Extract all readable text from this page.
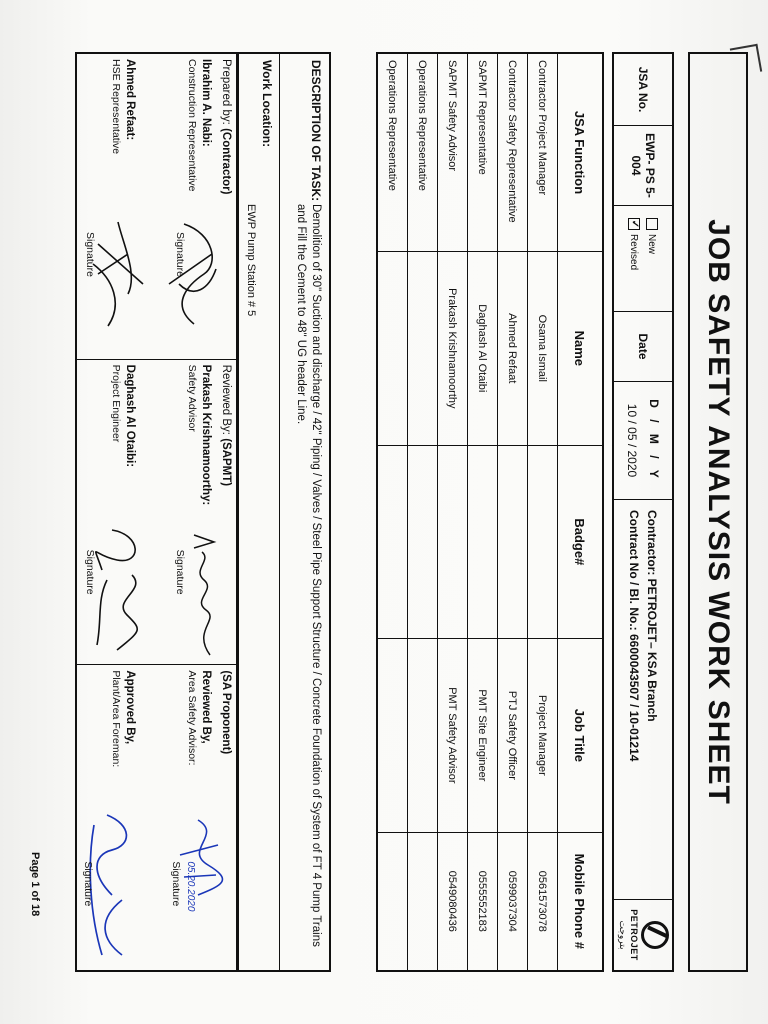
JOB SAFETY ANALYSIS WORK SHEET
JSA No.
EWP- PS 5-004
New
✓
Revised
Date
D / M / Y
10 / 05 / 2020
Contractor: PETROJET– KSA Branch
Contract No / Bl. No.: 6600043507 / 10-01214
PETROJET
بتروجت
JSA Function	Name	Badge#	Job Title	Mobile Phone #
Contractor Project Manager	Osama Ismail		Project Manager	0561573078
Contractor Safety Representative	Ahmed Refaat		PTJ Safety Officer	0599037304
SAPMT Representative	Daghash Al Otaibi		PMT Site Engineer	0555552183
SAPMT Safety Advisor	Prakash Krishnamoorthy		PMT Safety Advisor	0549080436
Operations Representative				
Operations Representative				
DESCRIPTION OF TASK:
Demolition of 30" Suction and discharge / 42" Piping / Valves / Steel Pipe Support Structure / Concrete Foundation of System of FT 4 Pump Trains and Fill the Cement to 48" UG header Line.
Work Location:
EWP Pump Station # 5
Prepared by: (Contractor)
Ibrahim A. Nabi:
Construction Representative
Signature
Ahmed Refaat:
HSE Representative
Signature
Reviewed By: (SAPMT)
Prakash Krishnamoorthy:
Safety Advisor
Signature
Daghash Al Otaibi:
Project Engineer
Signature
(SA Proponent)
Reviewed By,
Area Safety Advisor:
05.20.2020
Signature
Approved By,
Plant/Area Foreman:
Signature
Page 1 of 18
